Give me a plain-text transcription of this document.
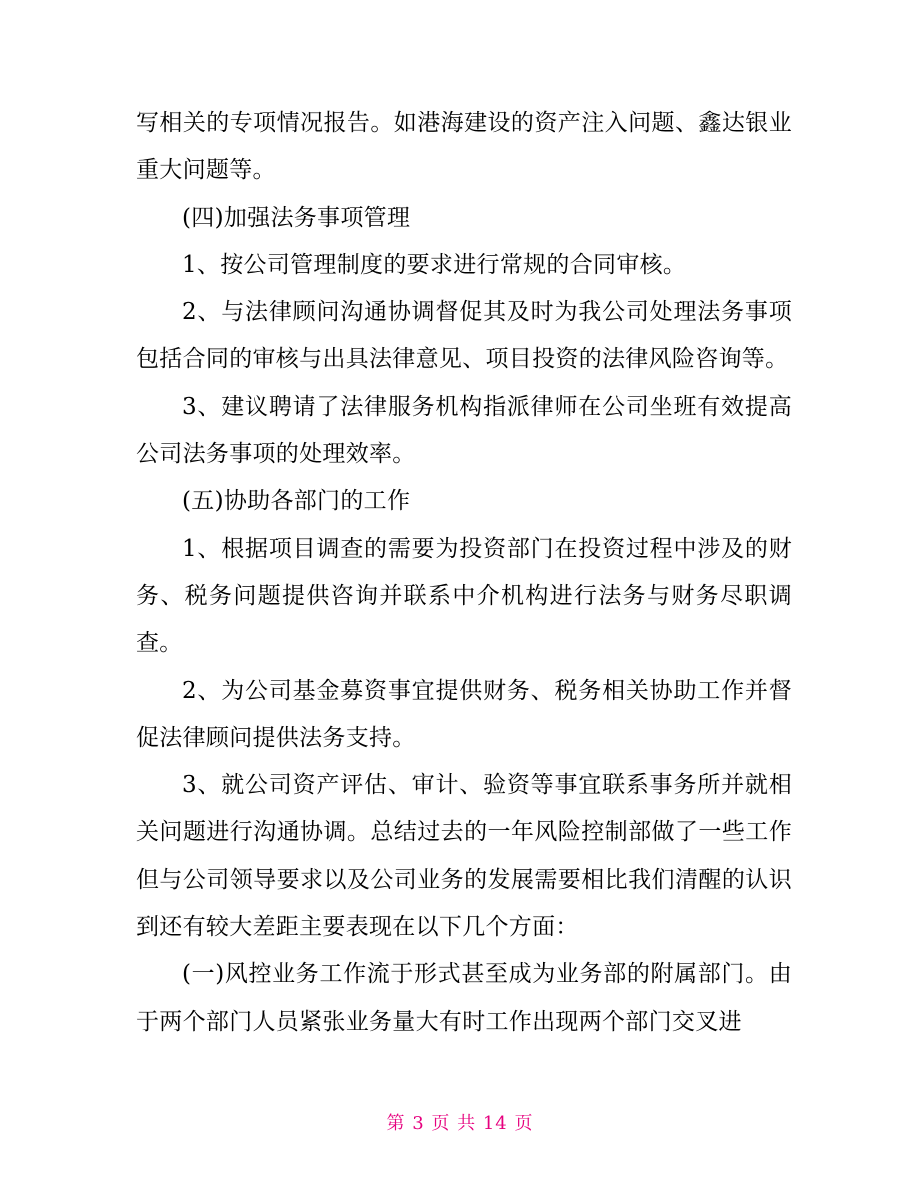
写相关的专项情况报告。如港海建设的资产注入问题、鑫达银业重大问题等。

(四)加强法务事项管理

1、按公司管理制度的要求进行常规的合同审核。

2、与法律顾问沟通协调督促其及时为我公司处理法务事项包括合同的审核与出具法律意见、项目投资的法律风险咨询等。

3、建议聘请了法律服务机构指派律师在公司坐班有效提高公司法务事项的处理效率。

(五)协助各部门的工作

1、根据项目调查的需要为投资部门在投资过程中涉及的财务、税务问题提供咨询并联系中介机构进行法务与财务尽职调查。

2、为公司基金募资事宜提供财务、税务相关协助工作并督促法律顾问提供法务支持。

3、就公司资产评估、审计、验资等事宜联系事务所并就相关问题进行沟通协调。总结过去的一年风险控制部做了一些工作但与公司领导要求以及公司业务的发展需要相比我们清醒的认识到还有较大差距主要表现在以下几个方面：

(一)风控业务工作流于形式甚至成为业务部的附属部门。由于两个部门人员紧张业务量大有时工作出现两个部门交叉进

第 3 页 共 14 页
